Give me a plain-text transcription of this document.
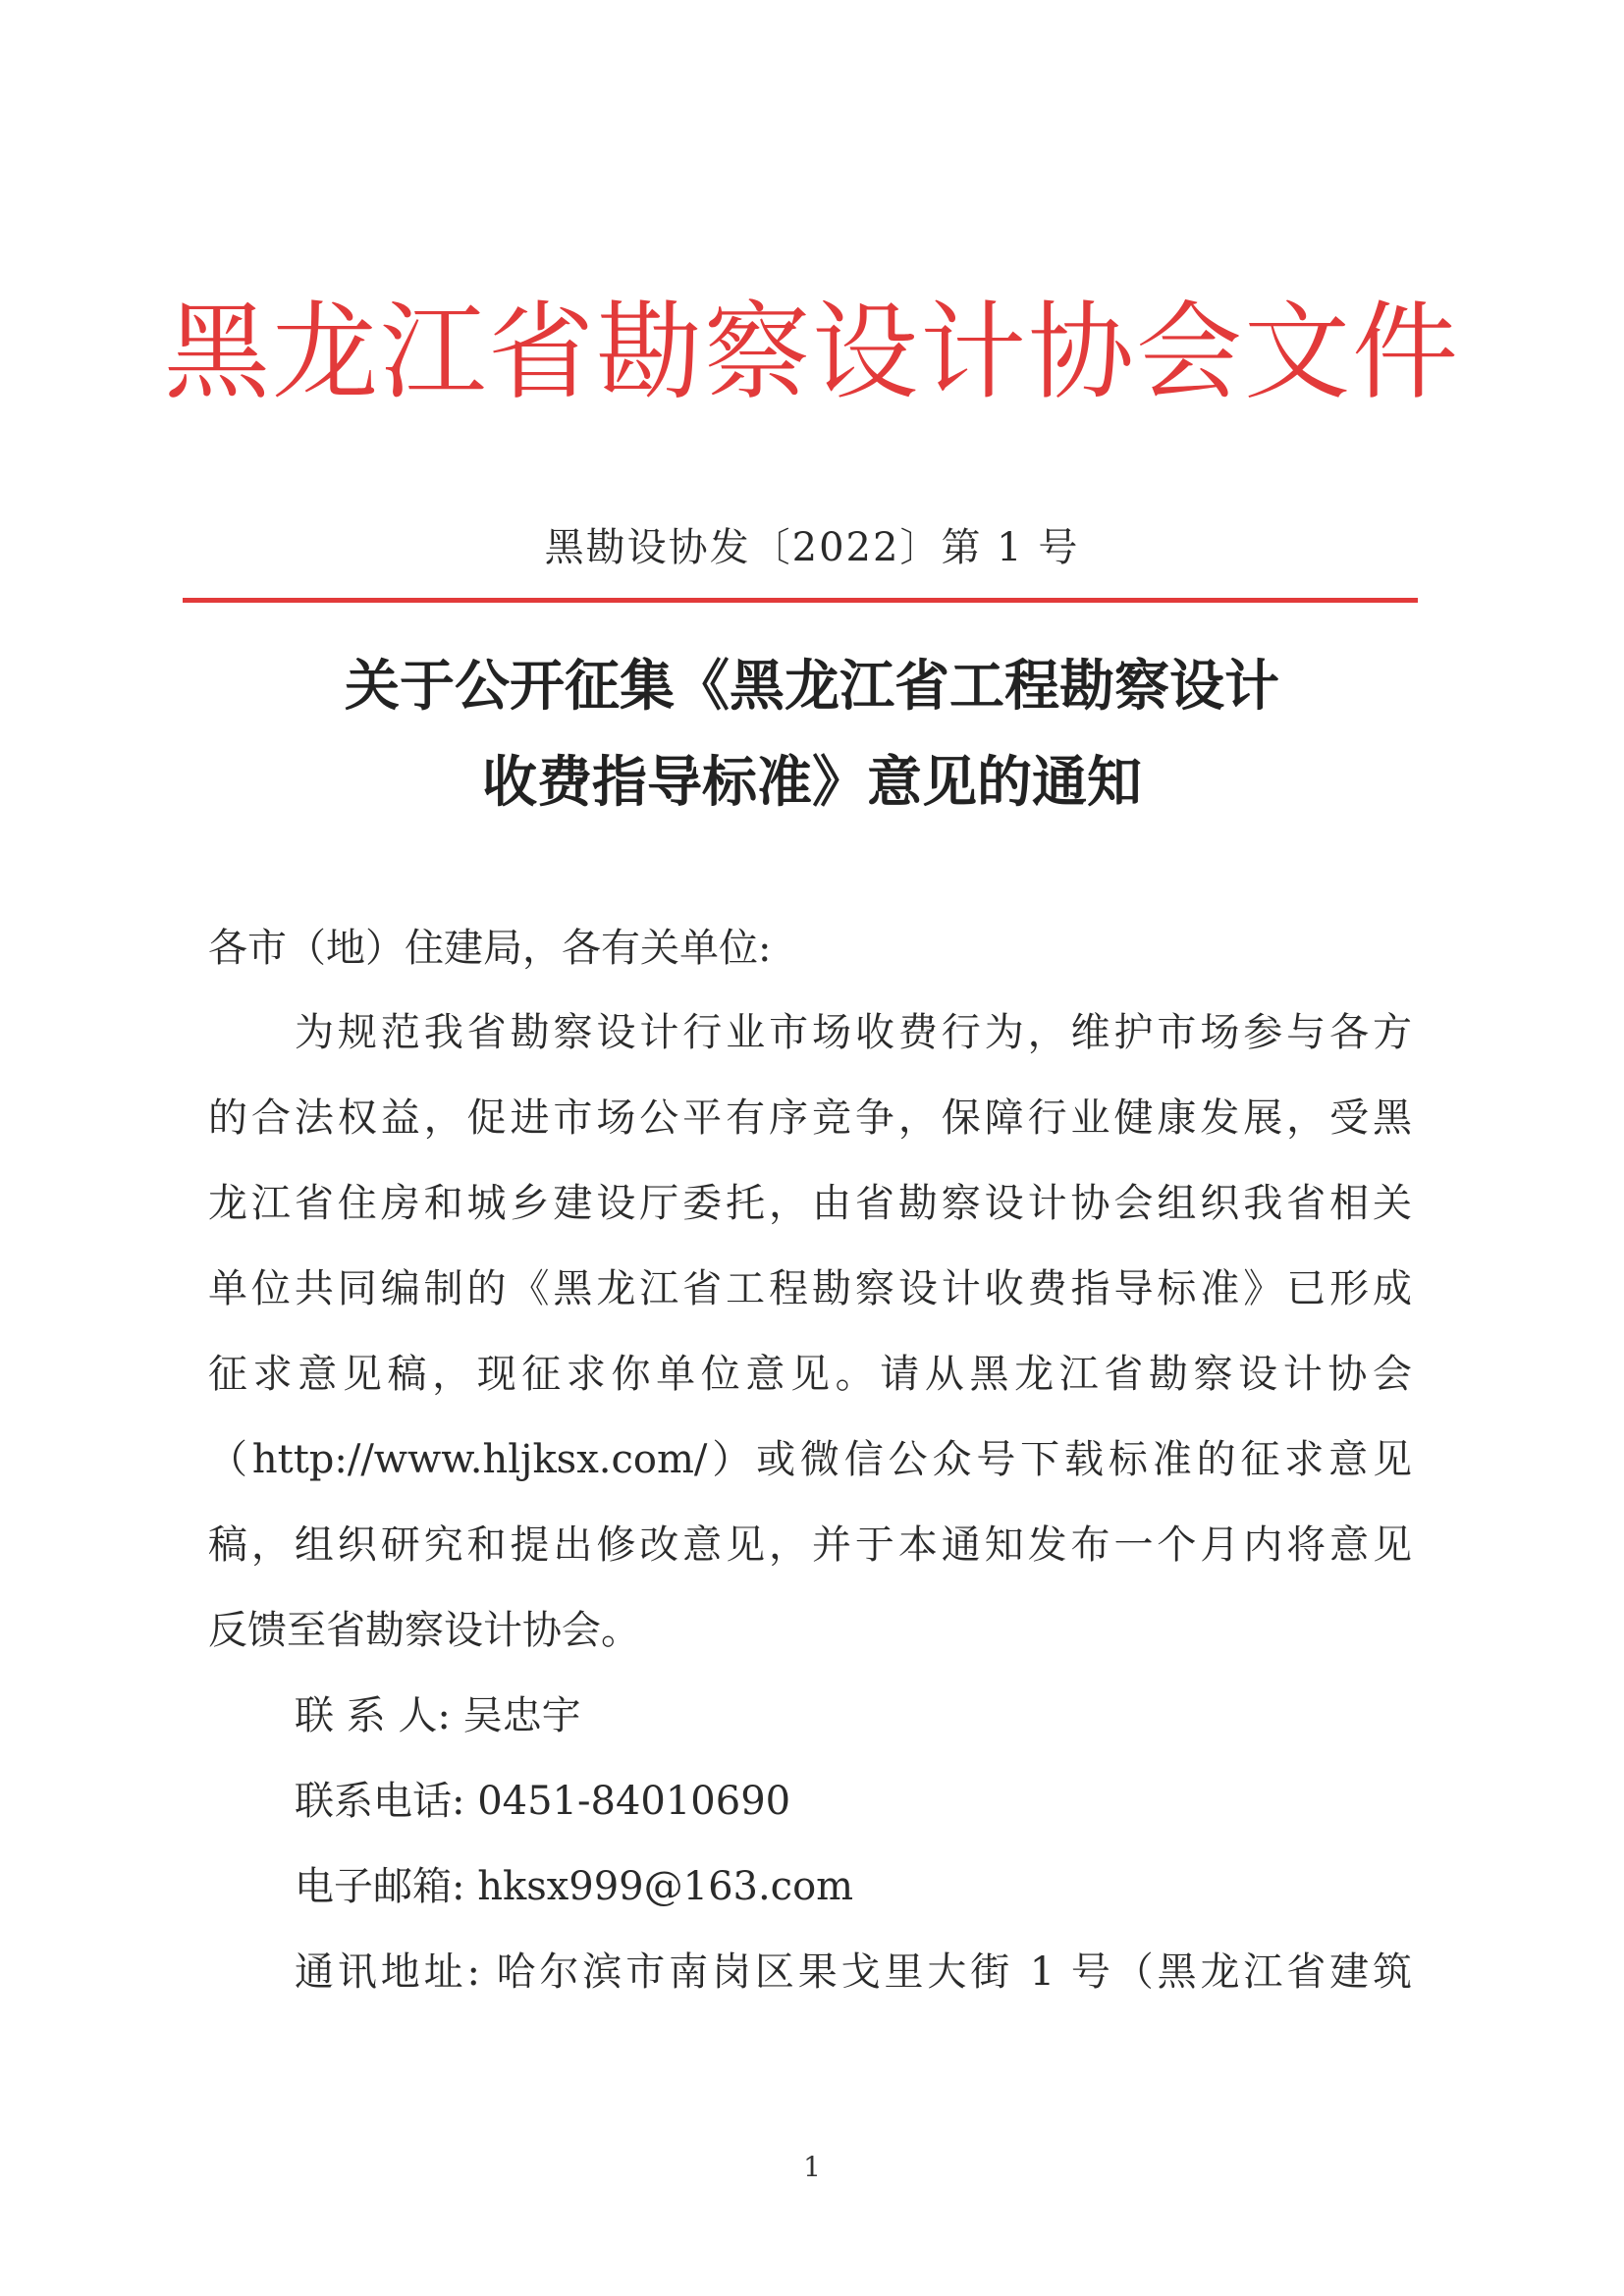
黑龙江省勘察设计协会文件
黑勘设协发〔2022〕第 1 号
关于公开征集《黑龙江省工程勘察设计
收费指导标准》意见的通知
各市（地）住建局，各有关单位:
为规范我省勘察设计行业市场收费行为，维护市场参与各方
的合法权益，促进市场公平有序竞争，保障行业健康发展，受黑
龙江省住房和城乡建设厅委托，由省勘察设计协会组织我省相关
单位共同编制的《黑龙江省工程勘察设计收费指导标准》已形成
征求意见稿，现征求你单位意见。请从黑龙江省勘察设计协会
（http://www.hljksx.com/）或微信公众号下载标准的征求意见
稿，组织研究和提出修改意见，并于本通知发布一个月内将意见
反馈至省勘察设计协会。
联 系 人: 吴忠宇
联系电话: 0451-84010690
电子邮箱: hksx999@163.com
通讯地址: 哈尔滨市南岗区果戈里大街 1 号（黑龙江省建筑
1
